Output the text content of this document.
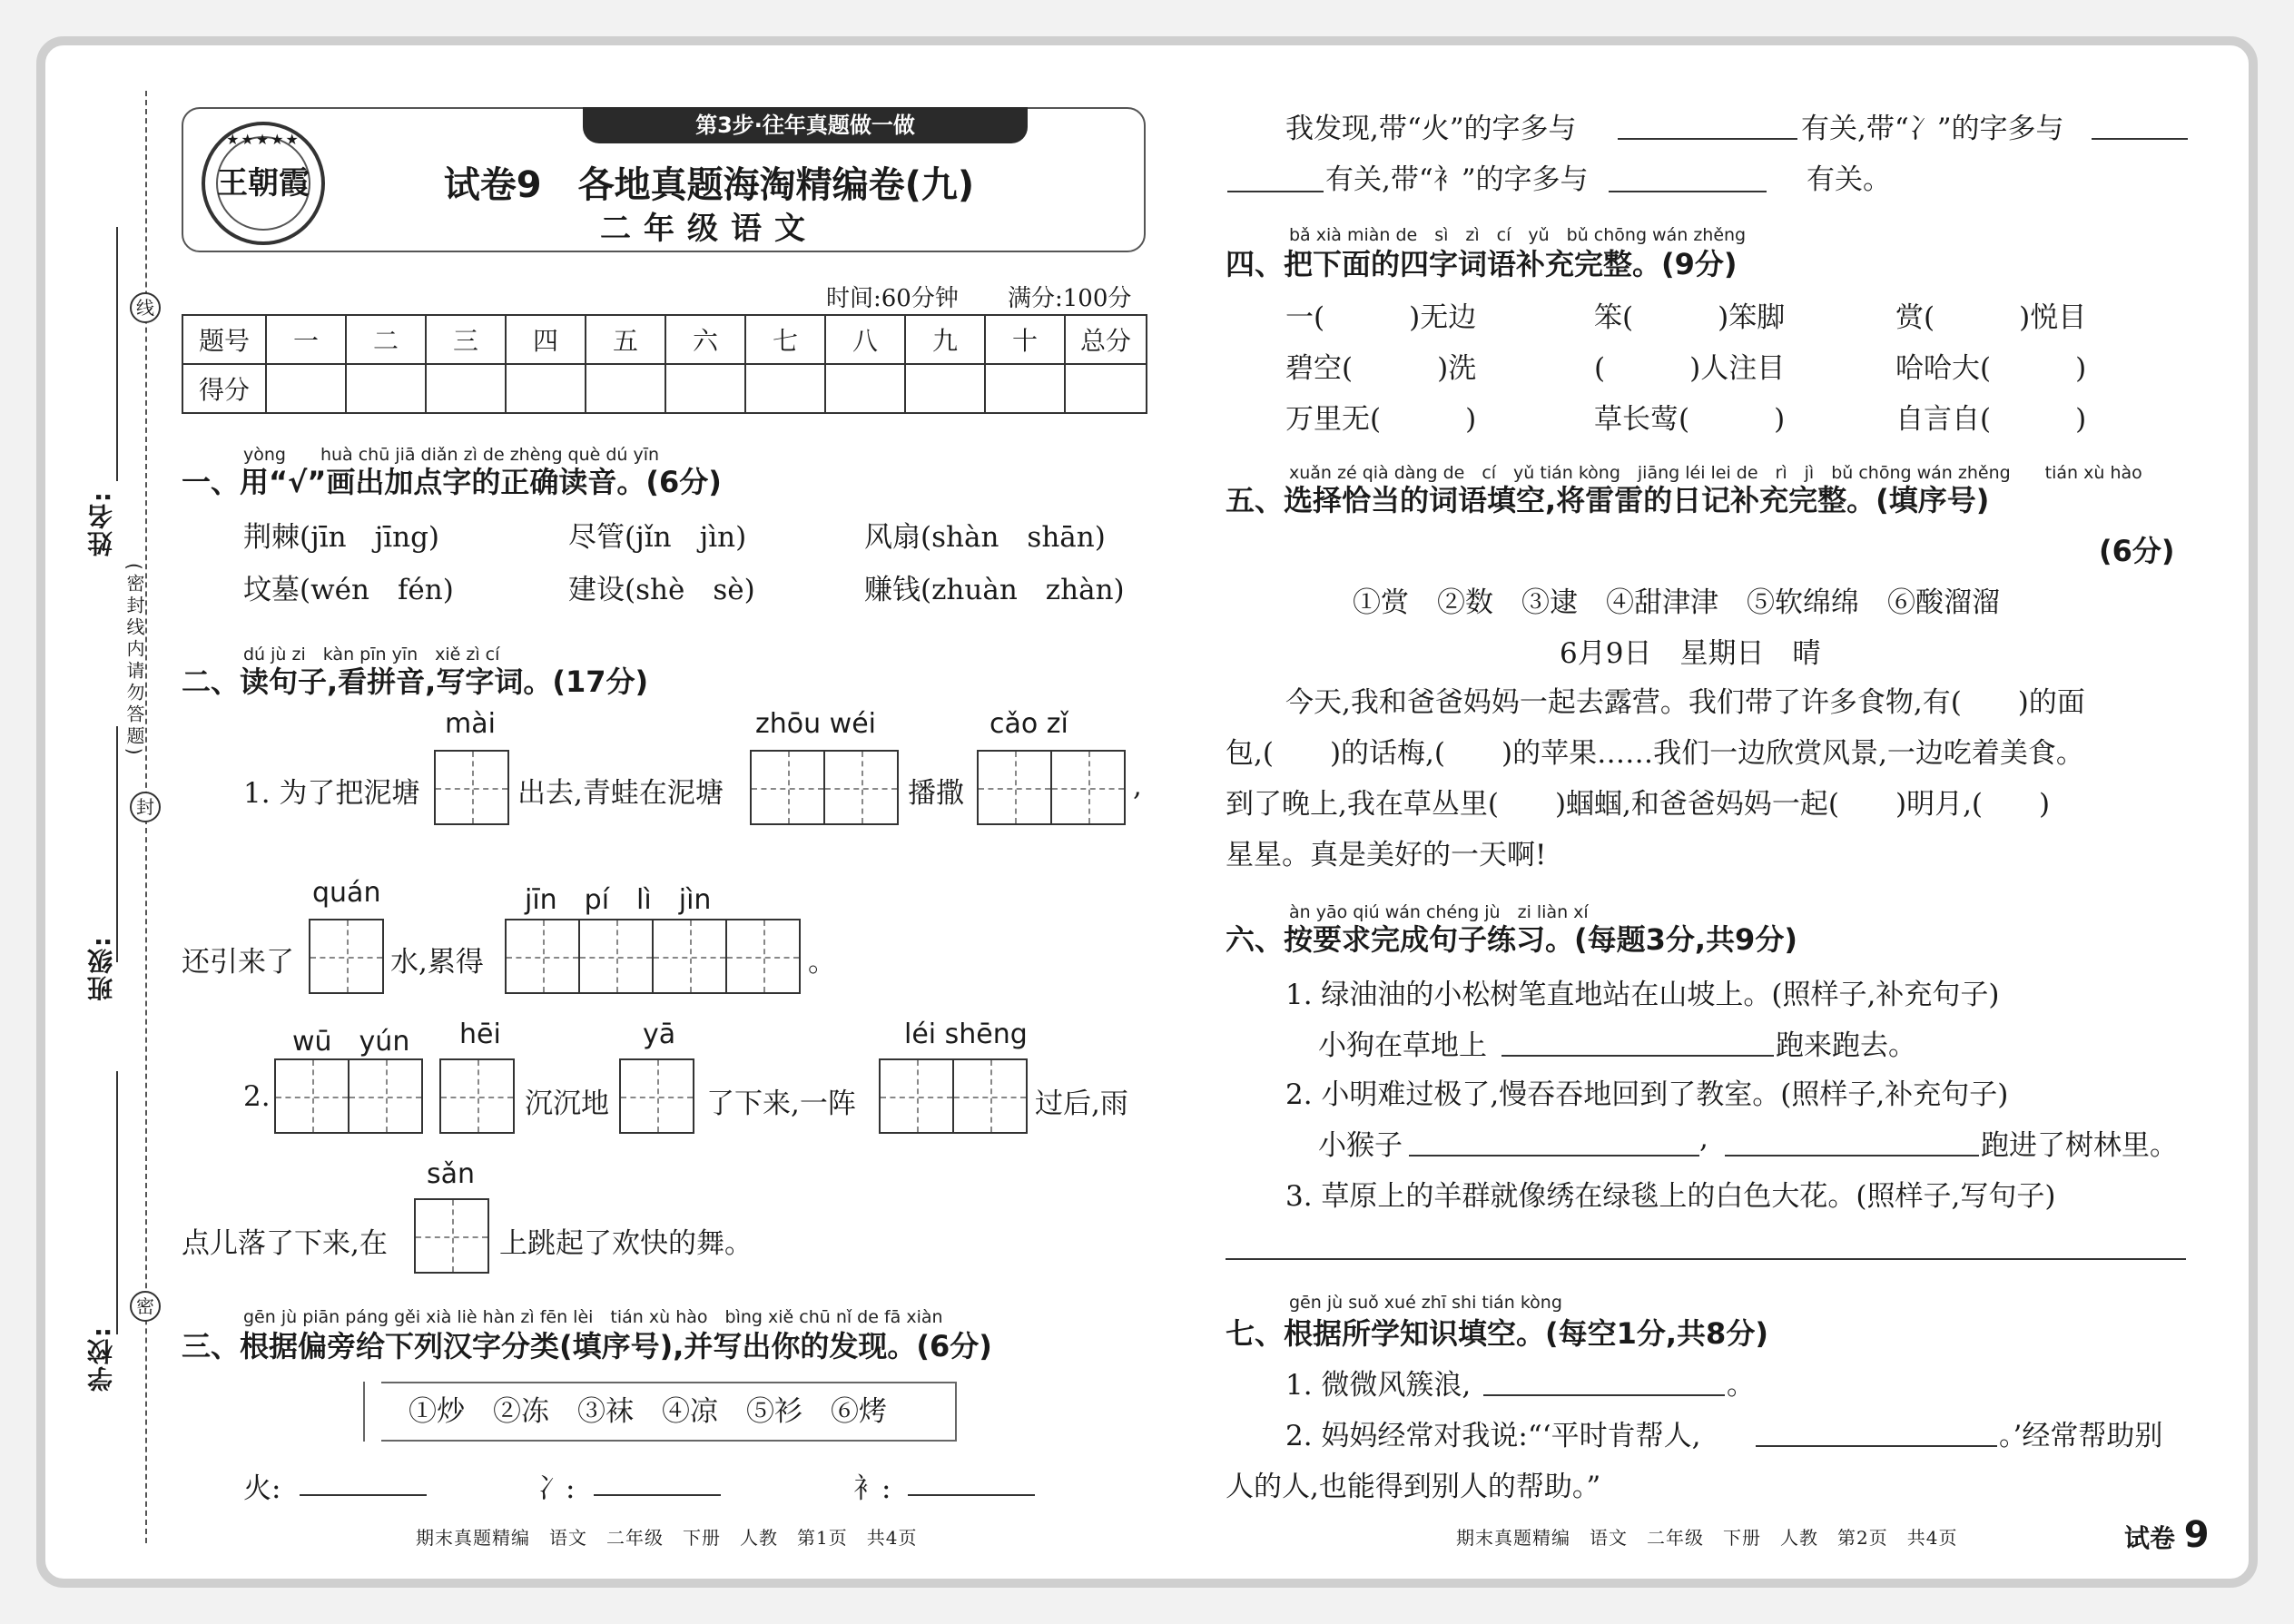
线
封
密
(密封线内请勿答题)
姓名:
班级:
学校:
第3步·往年真题做一做
★★★★★
王朝霞	试卷9　各地真题海淘精编卷(九)
二年级语文
时间:60分钟 满分:100分
题号	一	二	三	四	五	六	七	八	九	十	总分
得分											
yòng　　huà chū jiā diǎn zì de zhèng què dú yīn
一、用“√”画出加点字的正确读音。(6分)
荆棘(jīn　jīng)	尽管(jǐn　jìn)	风扇(shàn　shān)
坟墓(wén　fén)	建设(shè　sè)	赚钱(zhuàn　zhàn)
dú jù zi　kàn pīn yīn　xiě zì cí
二、读句子,看拼音,写字词。(17分)
mài	zhōu wéi	cǎo zǐ
1. 为了把泥塘	出去,青蛙在泥塘	播撒	,
quán	jīn　pí　lì　jìn
还引来了	水,累得	。
wū　yún hēi	yā	léi shēng
2.	沉沉地	了下来,一阵	过后,雨
sǎn
点儿落了下来,在	上跳起了欢快的舞。
gēn jù piān páng gěi xià liè hàn zì fēn lèi　tián xù hào　bìng xiě chū nǐ de fā xiàn
三、根据偏旁给下列汉字分类(填序号),并写出你的发现。(6分)
①炒　②冻　③袜　④凉　⑤衫　⑥烤
火:	冫:	衤:
期末真题精编　语文　二年级　下册　人教　第1页　共4页
我发现,带“火”的字多与	有关,带“冫”的字多与
有关,带“衤”的字多与	有关。
bǎ xià miàn de　sì　zì　cí　yǔ　bǔ chōng wán zhěng
四、把下面的四字词语补充完整。(9分)
一(　　　)无边	笨(　　　)笨脚	赏(　　　)悦目
碧空(　　　)洗	(　　　)人注目	哈哈大(　　　)
万里无(　　　)	草长莺(　　　)	自言自(　　　)
xuǎn zé qià dàng de　cí　yǔ tián kòng　jiāng léi lei de　rì　jì　bǔ chōng wán zhěng　　tián xù hào
五、选择恰当的词语填空,将雷雷的日记补充完整。(填序号)
(6分)
①赏　②数　③逮　④甜津津　⑤软绵绵　⑥酸溜溜
6月9日　星期日　晴
今天,我和爸爸妈妈一起去露营。我们带了许多食物,有(　　)的面
包,(　　)的话梅,(　　)的苹果……我们一边欣赏风景,一边吃着美食。
到了晚上,我在草丛里(　　)蝈蝈,和爸爸妈妈一起(　　)明月,(　　)
星星。真是美好的一天啊!
àn yāo qiú wán chéng jù　zi liàn xí
六、按要求完成句子练习。(每题3分,共9分)
1. 绿油油的小松树笔直地站在山坡上。(照样子,补充句子)
小狗在草地上	跑来跑去。
2. 小明难过极了,慢吞吞地回到了教室。(照样子,补充句子)
小猴子	,	跑进了树林里。
3. 草原上的羊群就像绣在绿毯上的白色大花。(照样子,写句子)
gēn jù suǒ xué zhī shi tián kòng
七、根据所学知识填空。(每空1分,共8分)
1. 微微风簇浪,	。
2. 妈妈经常对我说:“‘平时肯帮人,	。’经常帮助别
人的人,也能得到别人的帮助。”
期末真题精编　语文　二年级　下册　人教　第2页　共4页	试卷 9
